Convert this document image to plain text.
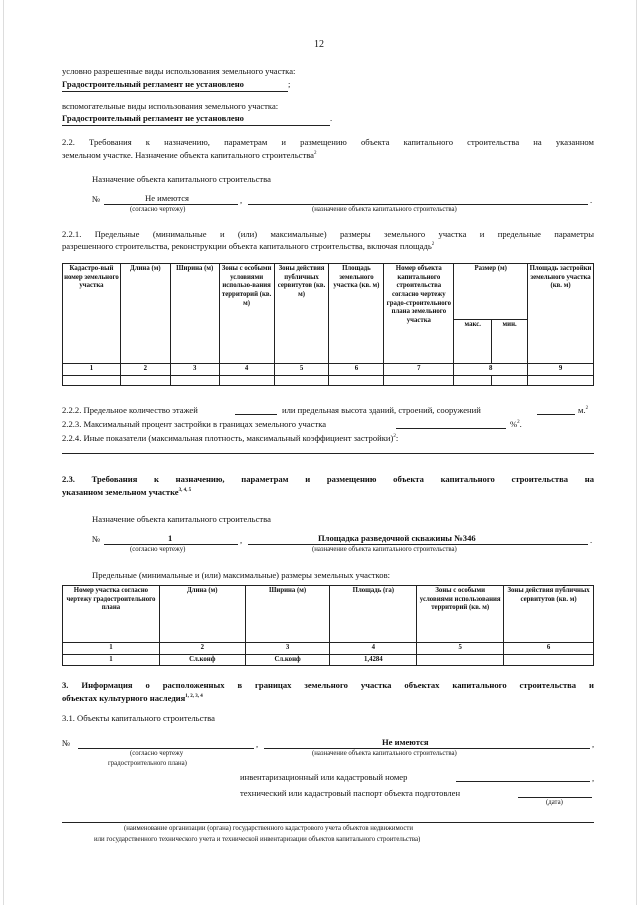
12
условно разрешенные виды использования земельного участка:
Градостроительный регламент не установлено	;
вспомогательные виды использования земельного участка:
Градостроительный регламент не установлено	.
2.2. Требования к назначению, параметрам и размещению объекта капитального строительства на указанном
земельном участке. Назначение объекта капитального строительства$^2$
Назначение объекта капитального строительства
№	Не имеются	,	.
(согласно чертежу)	(назначение объекта капитального строительства)
2.2.1. Предельные (минимальные и (или) максимальные) размеры земельного участка и предельные параметры
разрешенного строительства, реконструкции объекта капитального строительства, включая площадь$^2$
Кадастро-вый номер земельного участка	Длина (м)	Ширина (м)	Зоны с особыми условиями использо-вания территорий (кв. м)	Зоны действия публичных сервитутов (кв. м)	Площадь земельного участка (кв. м)	Номер объекта капитального строительства согласно чертежу градо-строительного плана земельного участка	Размер (м)		Площадь застройки земельного участка (кв. м)
							макс.	мин.	
1	2	3	4	5	6	7	8		9

2.2.2. Предельное количество этажей	или предельная высота зданий, строений, сооружений	м.$^2$
2.2.3. Максимальный процент застройки в границах земельного участка	%$^2$.
2.2.4. Иные показатели (максимальная плотность, максимальный коэффициент застройки)$^2$:
2.3. Требования к назначению, параметрам и размещению объекта капитального строительства на
указанном земельном участке$^{3, 4, 5}$
Назначение объекта капитального строительства
№	1	,	Площадка разведочной скважины №346	.
(согласно чертежу)	(назначение объекта капитального строительства)
Предельные (минимальные и (или) максимальные) размеры земельных участков:
Номер участка согласно чертежу градостроительного плана	Длина (м)	Ширина (м)	Площадь (га)	Зоны с особыми условиями использования территорий (кв. м)	Зоны действия публичных сервитутов (кв. м)
1	2	3	4	5	6
1	Сл.конф	Сл.конф	1,4284		
3. Информация о расположенных в границах земельного участка объектах капитального строительства и
объектах культурного наследия$^{1, 2, 3, 4}$
3.1. Объекты капитального строительства
№	,	Не имеются	,
(согласно чертежу	(назначение объекта капитального строительства)
градостроительного плана)
инвентаризационный или кадастровый номер	,
технический или кадастровый паспорт объекта подготовлен
(дата)
(наименование организации (органа) государственного кадастрового учета объектов недвижимости
или государственного технического учета и технической инвентаризации объектов капитального строительства)
